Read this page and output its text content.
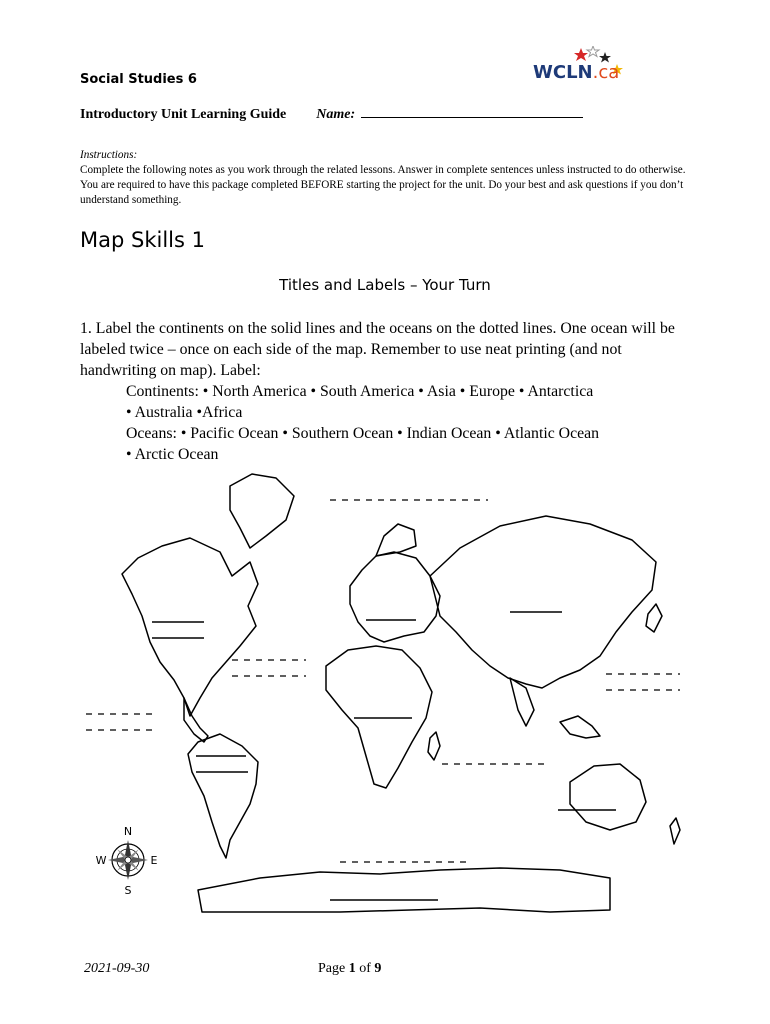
Social Studies 6	WCLN.ca
Introductory Unit Learning Guide Name:
Instructions:
Complete the following notes as you work through the related lessons. Answer in complete sentences unless instructed to do otherwise. You are required to have this package completed BEFORE starting the project for the unit. Do your best and ask questions if you don’t understand something.
Map Skills 1
Titles and Labels – Your Turn
1. Label the continents on the solid lines and the oceans on the dotted lines. One ocean will be labeled twice – once on each side of the map. Remember to use neat printing (and not handwriting on map). Label:
Continents: • North America • South America • Asia • Europe • Antarctica
• Australia •Africa
Oceans: • Pacific Ocean • Southern Ocean • Indian Ocean • Atlantic Ocean
• Arctic Ocean
N
S
E
W
2021-09-30	Page 1 of 9
